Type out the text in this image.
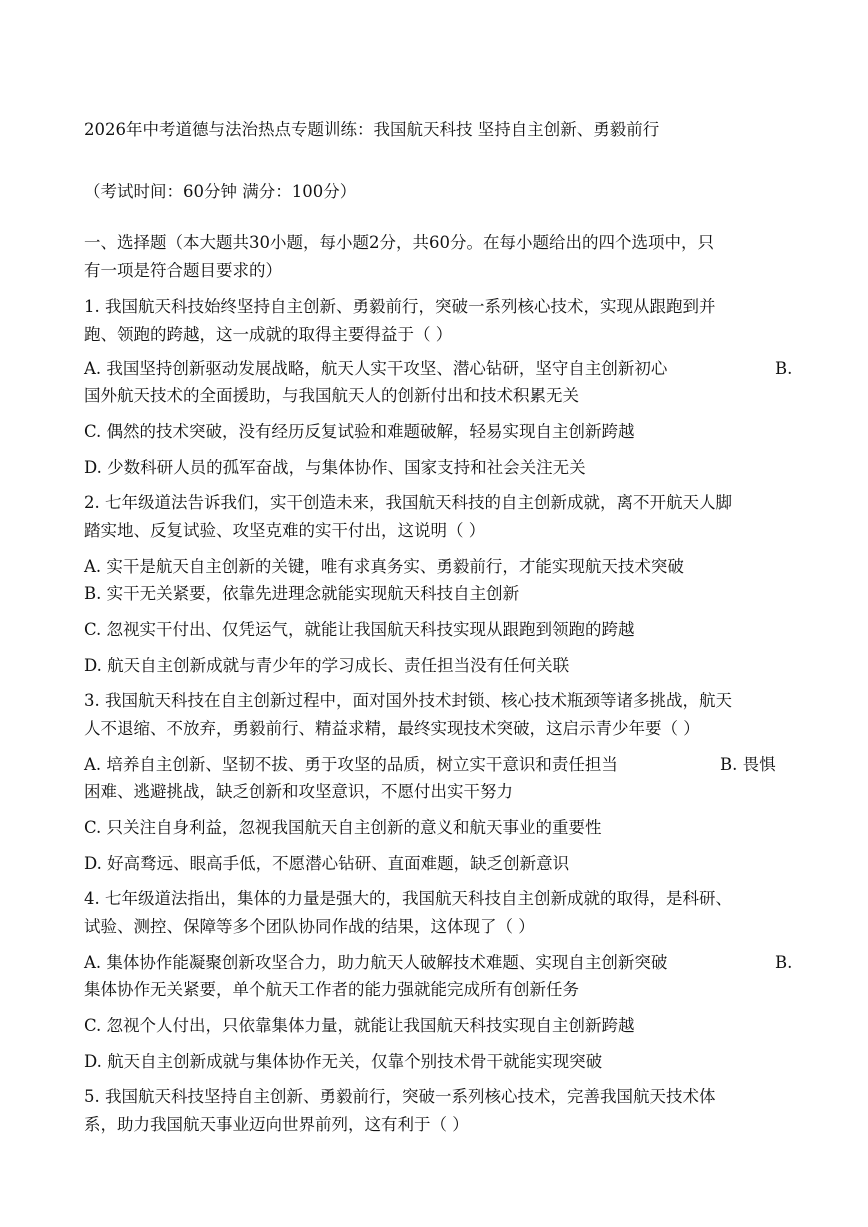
2026年中考道德与法治热点专题训练：我国航天科技 坚持自主创新、勇毅前行
（考试时间：60分钟 满分：100分）
一、选择题（本大题共30小题，每小题2分，共60分。在每小题给出的四个选项中，只
有一项是符合题目要求的）
1. 我国航天科技始终坚持自主创新、勇毅前行，突破一系列核心技术，实现从跟跑到并
跑、领跑的跨越，这一成就的取得主要得益于（ ）
A. 我国坚持创新驱动发展战略，航天人实干攻坚、潜心钻研，坚守自主创新初心	B.
国外航天技术的全面援助，与我国航天人的创新付出和技术积累无关
C. 偶然的技术突破，没有经历反复试验和难题破解，轻易实现自主创新跨越
D. 少数科研人员的孤军奋战，与集体协作、国家支持和社会关注无关
2. 七年级道法告诉我们，实干创造未来，我国航天科技的自主创新成就，离不开航天人脚
踏实地、反复试验、攻坚克难的实干付出，这说明（ ）
A. 实干是航天自主创新的关键，唯有求真务实、勇毅前行，才能实现航天技术突破
B. 实干无关紧要，依靠先进理念就能实现航天科技自主创新
C. 忽视实干付出、仅凭运气，就能让我国航天科技实现从跟跑到领跑的跨越
D. 航天自主创新成就与青少年的学习成长、责任担当没有任何关联
3. 我国航天科技在自主创新过程中，面对国外技术封锁、核心技术瓶颈等诸多挑战，航天
人不退缩、不放弃，勇毅前行、精益求精，最终实现技术突破，这启示青少年要（ ）
A. 培养自主创新、坚韧不拔、勇于攻坚的品质，树立实干意识和责任担当	B. 畏惧
困难、逃避挑战，缺乏创新和攻坚意识，不愿付出实干努力
C. 只关注自身利益，忽视我国航天自主创新的意义和航天事业的重要性
D. 好高骛远、眼高手低，不愿潜心钻研、直面难题，缺乏创新意识
4. 七年级道法指出，集体的力量是强大的，我国航天科技自主创新成就的取得，是科研、
试验、测控、保障等多个团队协同作战的结果，这体现了（ ）
A. 集体协作能凝聚创新攻坚合力，助力航天人破解技术难题、实现自主创新突破	B.
集体协作无关紧要，单个航天工作者的能力强就能完成所有创新任务
C. 忽视个人付出，只依靠集体力量，就能让我国航天科技实现自主创新跨越
D. 航天自主创新成就与集体协作无关，仅靠个别技术骨干就能实现突破
5. 我国航天科技坚持自主创新、勇毅前行，突破一系列核心技术，完善我国航天技术体
系，助力我国航天事业迈向世界前列，这有利于（ ）
